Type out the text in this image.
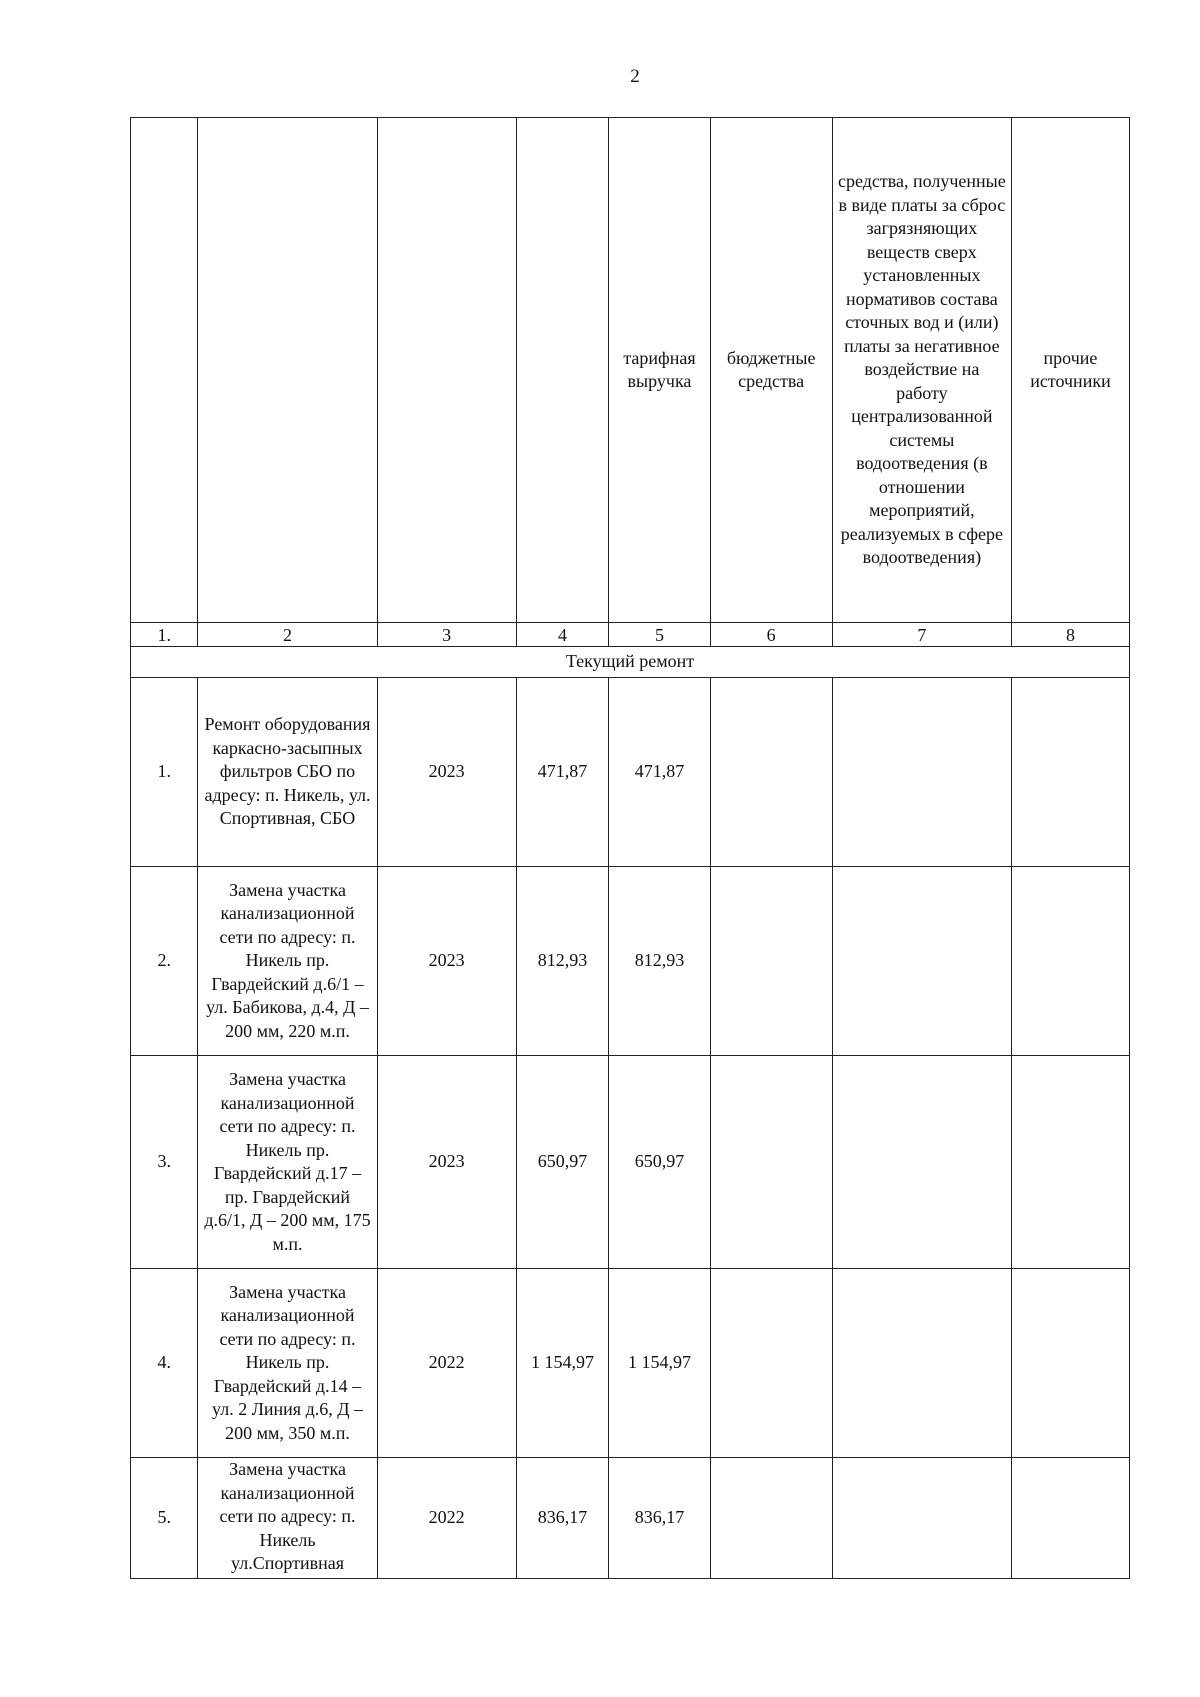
2
				тарифная выручка	бюджетные средства	средства, полученные в виде платы за сброс загрязняющих веществ сверх установленных нормативов состава сточных вод и (или) платы за негативное воздействие на работу централизованной системы водоотведения (в отношении мероприятий, реализуемых в сфере водоотведения)	прочие источники
1.	2	3	4	5	6	7	8
Текущий ремонт							
1.	Ремонт оборудования каркасно-засыпных фильтров СБО по адресу: п. Никель, ул. Спортивная, СБО	2023	471,87	471,87			
2.	Замена участка канализационной сети по адресу: п. Никель пр. Гвардейский д.6/1 – ул. Бабикова, д.4, Д – 200 мм, 220 м.п.	2023	812,93	812,93			
3.	Замена участка канализационной сети по адресу: п. Никель пр. Гвардейский д.17 – пр. Гвардейский д.6/1, Д – 200 мм, 175 м.п.	2023	650,97	650,97			
4.	Замена участка канализационной сети по адресу: п. Никель пр. Гвардейский д.14 – ул. 2 Линия д.6, Д – 200 мм, 350 м.п.	2022	1 154,97	1 154,97			
5.	Замена участка канализационной сети по адресу: п. Никель ул.Спортивная	2022	836,17	836,17			
